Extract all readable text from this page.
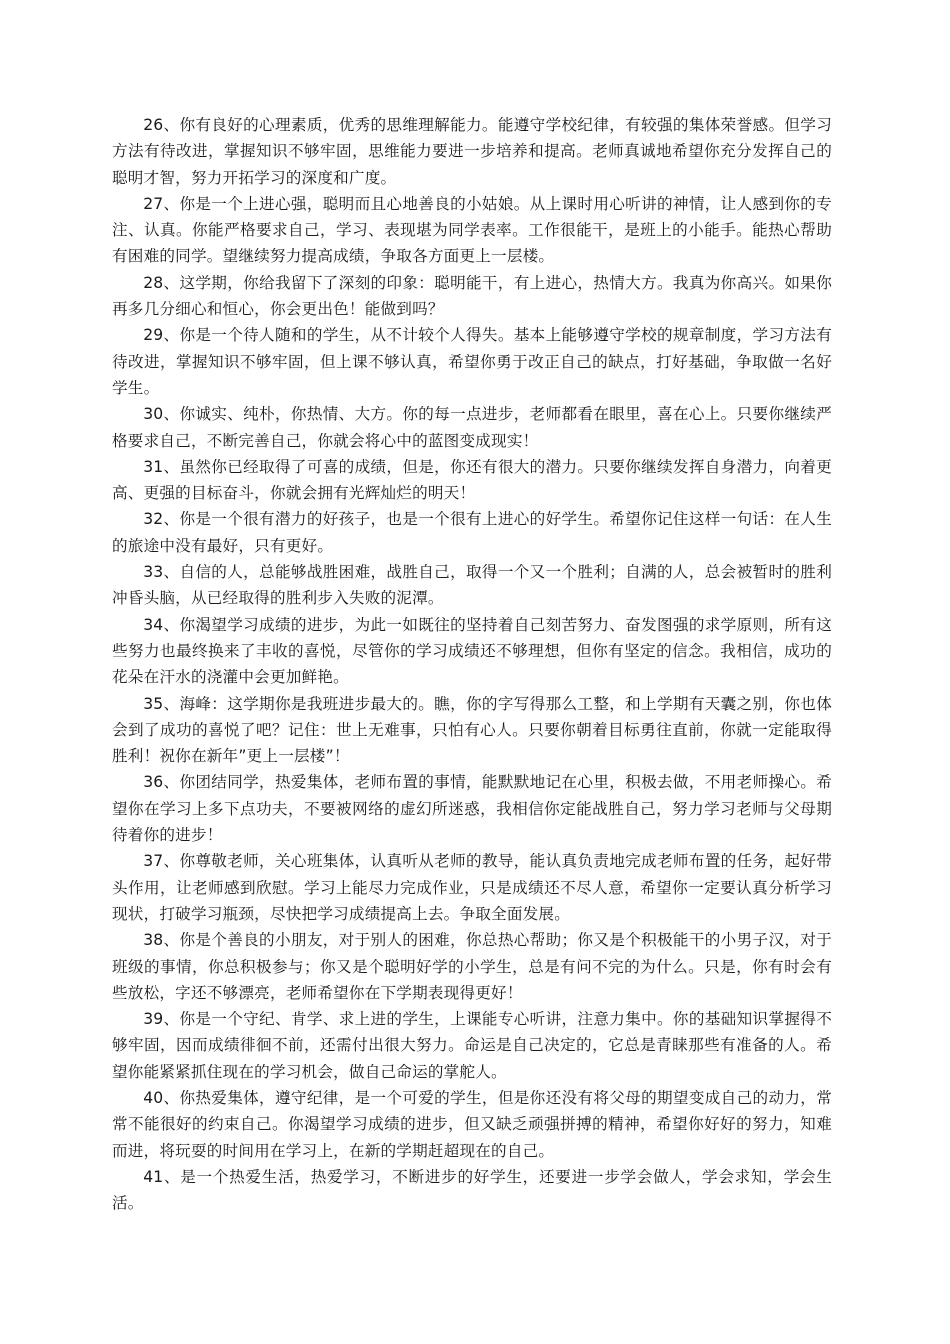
26、你有良好的心理素质，优秀的思维理解能力。能遵守学校纪律，有较强的集体荣誉感。但学习方法有待改进，掌握知识不够牢固，思维能力要进一步培养和提高。老师真诚地希望你充分发挥自己的聪明才智，努力开拓学习的深度和广度。

27、你是一个上进心强，聪明而且心地善良的小姑娘。从上课时用心听讲的神情，让人感到你的专注、认真。你能严格要求自己，学习、表现堪为同学表率。工作很能干，是班上的小能手。能热心帮助有困难的同学。望继续努力提高成绩，争取各方面更上一层楼。

28、这学期，你给我留下了深刻的印象：聪明能干，有上进心，热情大方。我真为你高兴。如果你再多几分细心和恒心，你会更出色！能做到吗？

29、你是一个待人随和的学生，从不计较个人得失。基本上能够遵守学校的规章制度，学习方法有待改进，掌握知识不够牢固，但上课不够认真，希望你勇于改正自己的缺点，打好基础，争取做一名好学生。

30、你诚实、纯朴，你热情、大方。你的每一点进步，老师都看在眼里，喜在心上。只要你继续严格要求自己，不断完善自己，你就会将心中的蓝图变成现实！

31、虽然你已经取得了可喜的成绩，但是，你还有很大的潜力。只要你继续发挥自身潜力，向着更高、更强的目标奋斗，你就会拥有光辉灿烂的明天！

32、你是一个很有潜力的好孩子，也是一个很有上进心的好学生。希望你记住这样一句话：在人生的旅途中没有最好，只有更好。

33、自信的人，总能够战胜困难，战胜自己，取得一个又一个胜利；自满的人，总会被暂时的胜利冲昏头脑，从已经取得的胜利步入失败的泥潭。

34、你渴望学习成绩的进步，为此一如既往的坚持着自己刻苦努力、奋发图强的求学原则，所有这些努力也最终换来了丰收的喜悦，尽管你的学习成绩还不够理想，但你有坚定的信念。我相信，成功的花朵在汗水的浇灌中会更加鲜艳。

35、海峰：这学期你是我班进步最大的。瞧，你的字写得那么工整，和上学期有天囊之别，你也体会到了成功的喜悦了吧？记住：世上无难事，只怕有心人。只要你朝着目标勇往直前，你就一定能取得胜利！祝你在新年”更上一层楼”！

36、你团结同学，热爱集体，老师布置的事情，能默默地记在心里，积极去做，不用老师操心。希望你在学习上多下点功夫，不要被网络的虚幻所迷惑，我相信你定能战胜自己，努力学习老师与父母期待着你的进步！

37、你尊敬老师，关心班集体，认真听从老师的教导，能认真负责地完成老师布置的任务，起好带头作用，让老师感到欣慰。学习上能尽力完成作业，只是成绩还不尽人意，希望你一定要认真分析学习现状，打破学习瓶颈，尽快把学习成绩提高上去。争取全面发展。

38、你是个善良的小朋友，对于别人的困难，你总热心帮助；你又是个积极能干的小男子汉，对于班级的事情，你总积极参与；你又是个聪明好学的小学生，总是有问不完的为什么。只是，你有时会有些放松，字还不够漂亮，老师希望你在下学期表现得更好！

39、你是一个守纪、肯学、求上进的学生，上课能专心听讲，注意力集中。你的基础知识掌握得不够牢固，因而成绩徘徊不前，还需付出很大努力。命运是自己决定的，它总是青睐那些有准备的人。希望你能紧紧抓住现在的学习机会，做自己命运的掌舵人。

40、你热爱集体，遵守纪律，是一个可爱的学生，但是你还没有将父母的期望变成自己的动力，常常不能很好的约束自己。你渴望学习成绩的进步，但又缺乏顽强拼搏的精神，希望你好好的努力，知难而进，将玩耍的时间用在学习上，在新的学期赶超现在的自己。

41、是一个热爱生活，热爱学习，不断进步的好学生，还要进一步学会做人，学会求知，学会生活。
